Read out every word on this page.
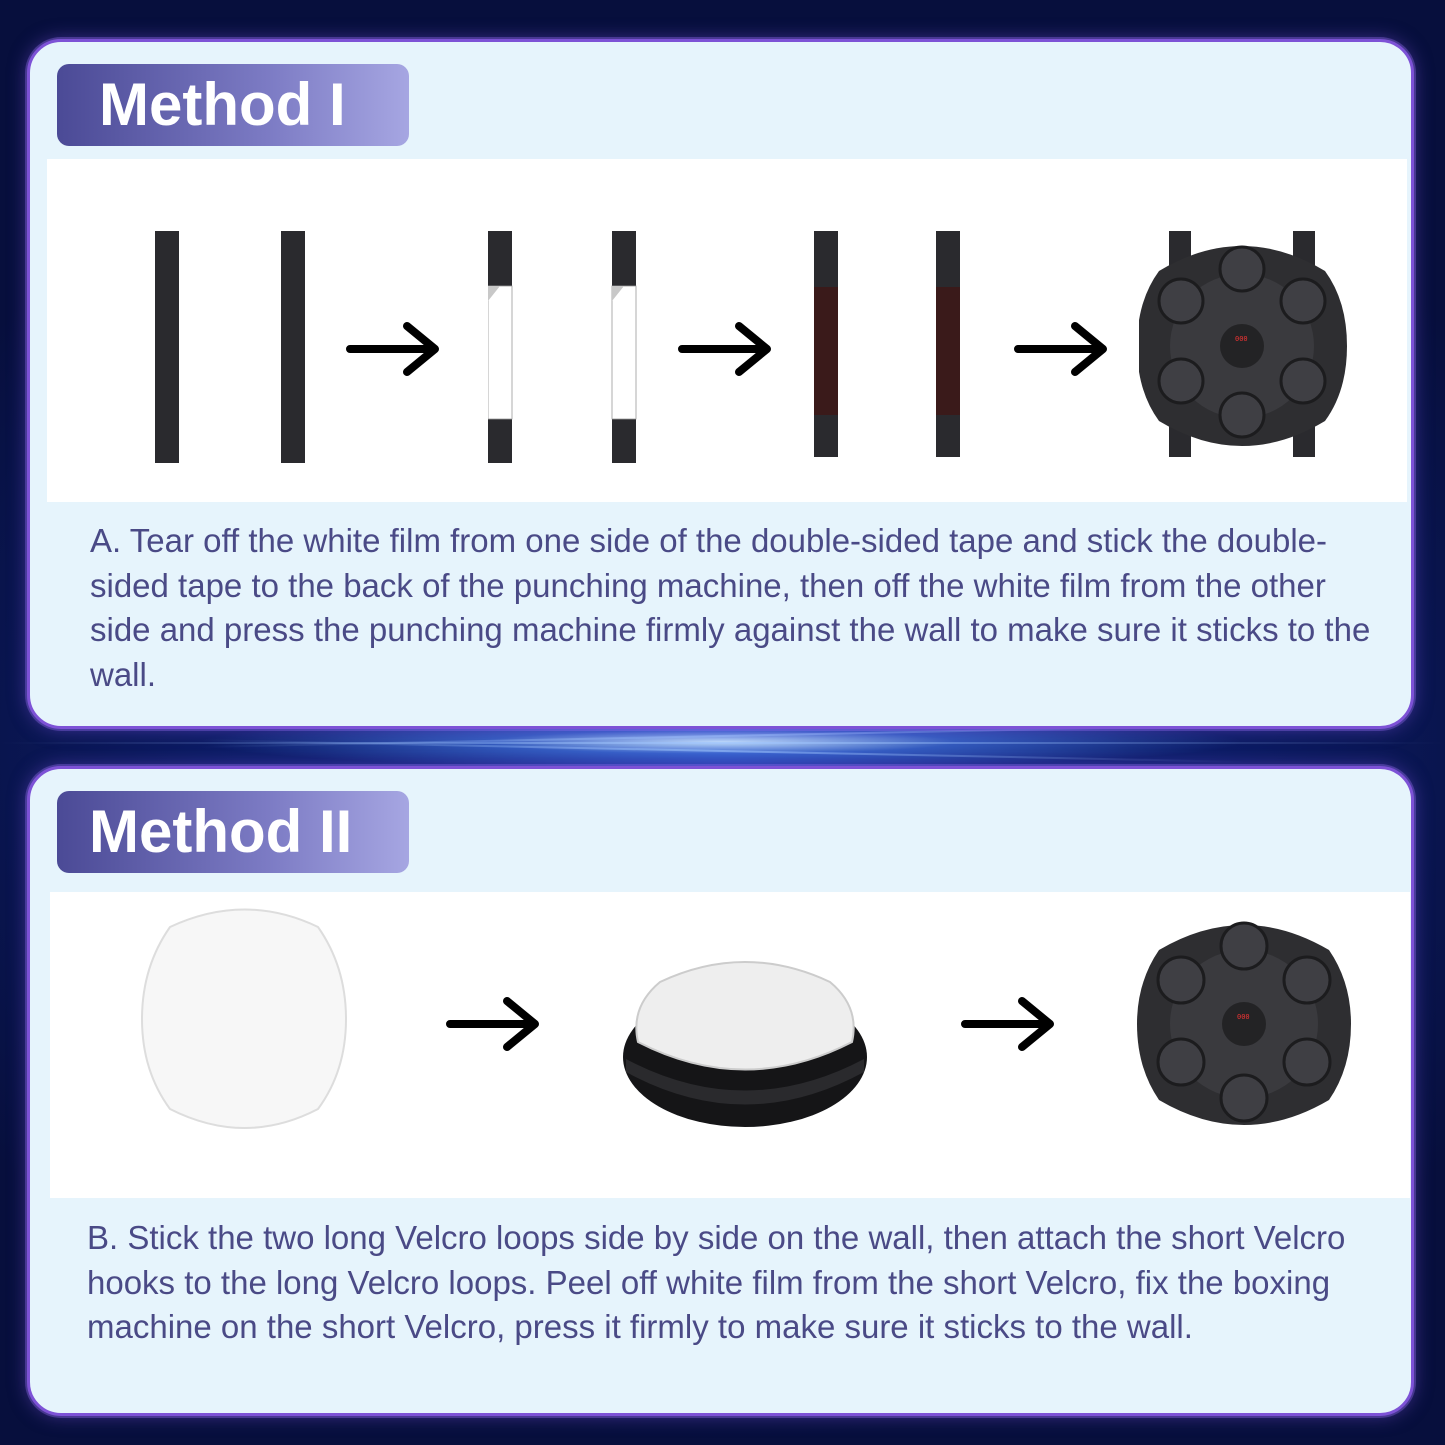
Method I
000

A. Tear off the white film from one side of the double-sided tape and stick the double-sided tape to the back of the punching machine, then off the white film from the other side and press the punching machine firmly against the wall to make sure it sticks to the wall.

Method II
000

B. Stick the two long Velcro loops side by side on the wall, then attach the short Velcro hooks to the long Velcro loops. Peel off white film from the short Velcro, fix the boxing machine on the short Velcro, press it firmly to make sure it sticks to the wall.
